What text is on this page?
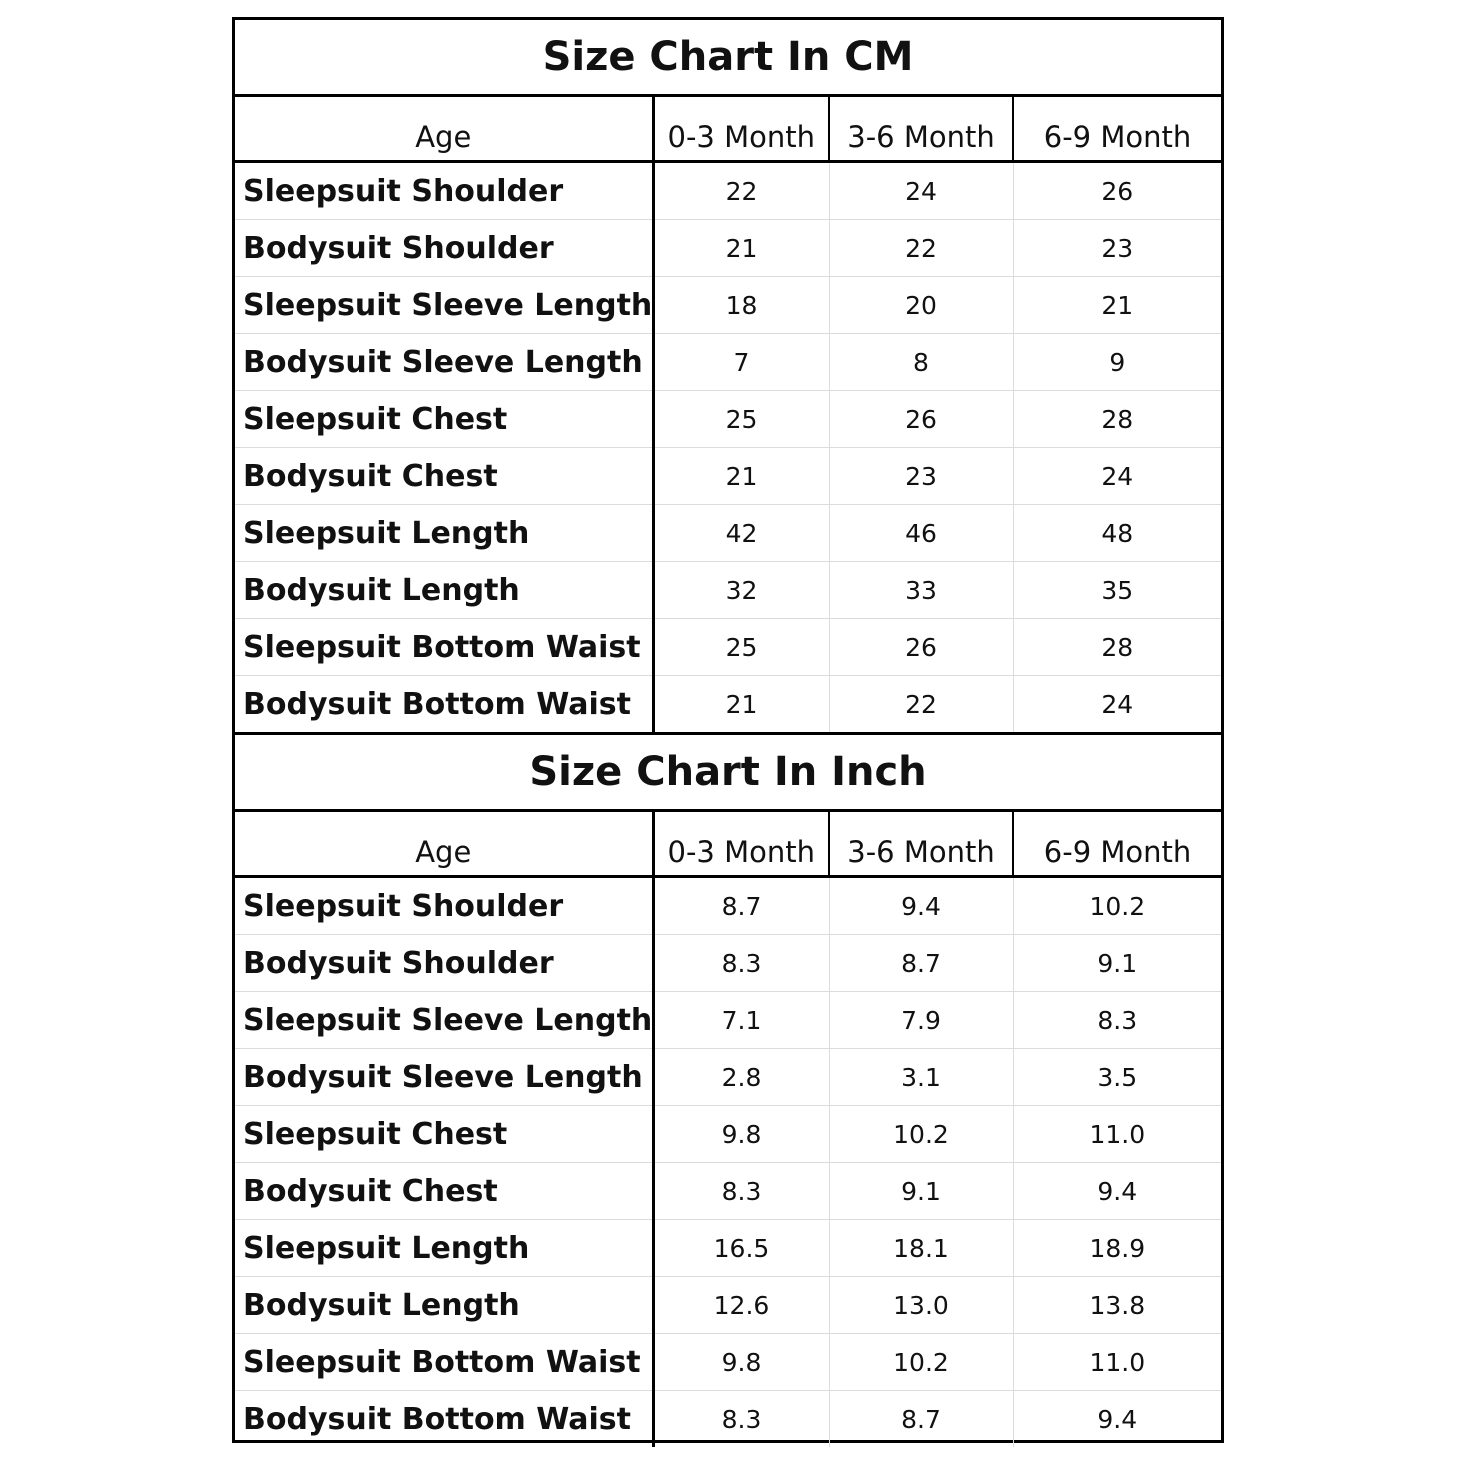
Size Chart In CM			
Age	0-3 Month	3-6 Month	6-9 Month
Sleepsuit Shoulder	22	24	26
Bodysuit Shoulder	21	22	23
Sleepsuit Sleeve Length	18	20	21
Bodysuit Sleeve Length	7	8	9
Sleepsuit Chest	25	26	28
Bodysuit Chest	21	23	24
Sleepsuit Length	42	46	48
Bodysuit Length	32	33	35
Sleepsuit Bottom Waist	25	26	28
Bodysuit Bottom Waist	21	22	24
Size Chart In Inch			
Age	0-3 Month	3-6 Month	6-9 Month
Sleepsuit Shoulder	8.7	9.4	10.2
Bodysuit Shoulder	8.3	8.7	9.1
Sleepsuit Sleeve Length	7.1	7.9	8.3
Bodysuit Sleeve Length	2.8	3.1	3.5
Sleepsuit Chest	9.8	10.2	11.0
Bodysuit Chest	8.3	9.1	9.4
Sleepsuit Length	16.5	18.1	18.9
Bodysuit Length	12.6	13.0	13.8
Sleepsuit Bottom Waist	9.8	10.2	11.0
Bodysuit Bottom Waist	8.3	8.7	9.4
